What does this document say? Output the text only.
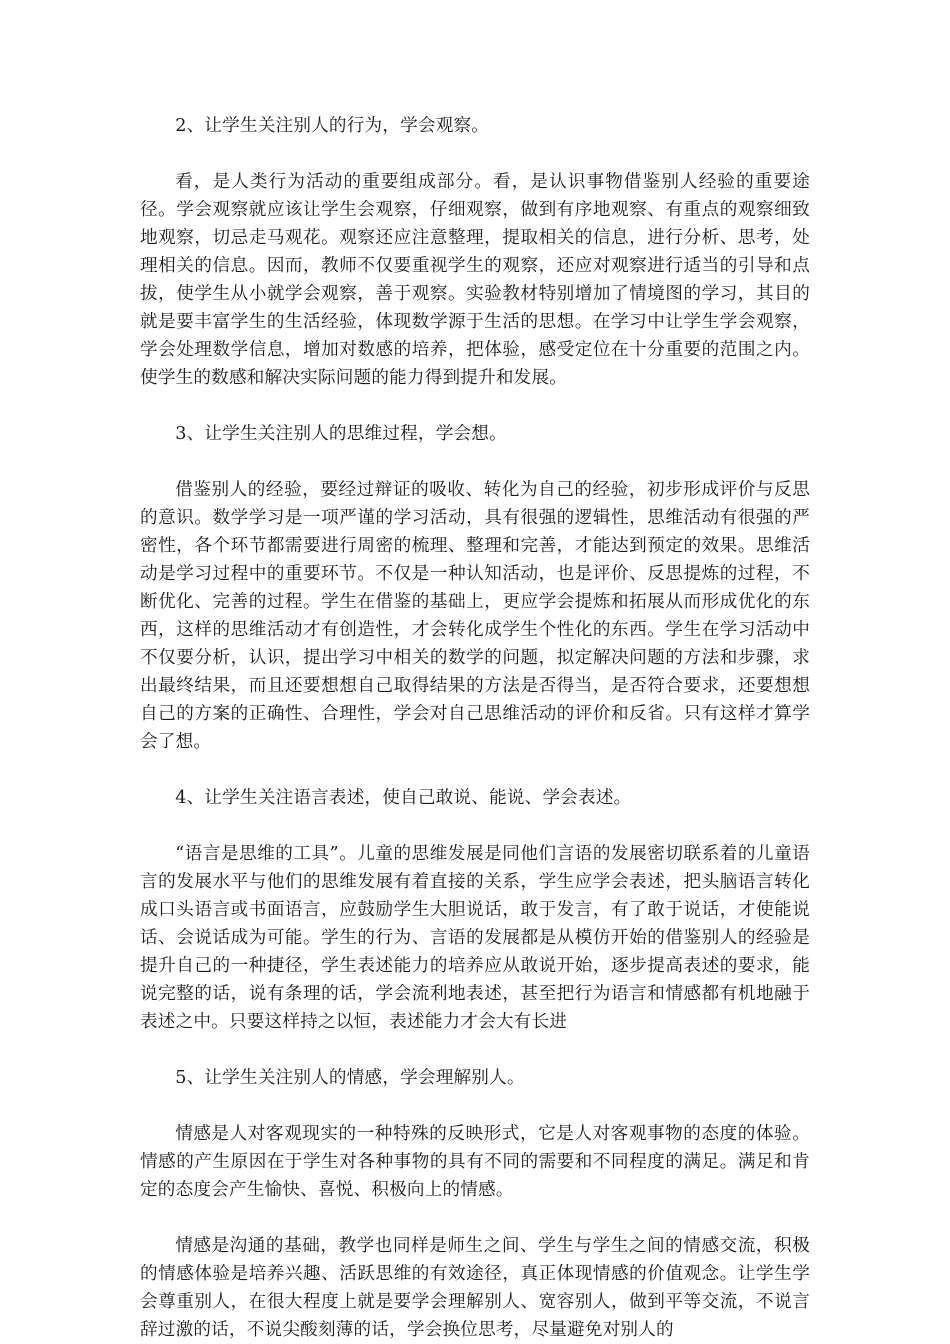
2、让学生关注别人的行为，学会观察。

看，是人类行为活动的重要组成部分。看，是认识事物借鉴别人经验的重要途径。学会观察就应该让学生会观察，仔细观察，做到有序地观察、有重点的观察细致地观察，切忌走马观花。观察还应注意整理，提取相关的信息，进行分析、思考，处理相关的信息。因而，教师不仅要重视学生的观察，还应对观察进行适当的引导和点拔，使学生从小就学会观察，善于观察。实验教材特别增加了情境图的学习，其目的就是要丰富学生的生活经验，体现数学源于生活的思想。在学习中让学生学会观察，学会处理数学信息，增加对数感的培养，把体验，感受定位在十分重要的范围之内。使学生的数感和解决实际问题的能力得到提升和发展。

3、让学生关注别人的思维过程，学会想。

借鉴别人的经验，要经过辩证的吸收、转化为自己的经验，初步形成评价与反思的意识。数学学习是一项严谨的学习活动，具有很强的逻辑性，思维活动有很强的严密性，各个环节都需要进行周密的梳理、整理和完善，才能达到预定的效果。思维活动是学习过程中的重要环节。不仅是一种认知活动，也是评价、反思提炼的过程，不断优化、完善的过程。学生在借鉴的基础上，更应学会提炼和拓展从而形成优化的东西，这样的思维活动才有创造性，才会转化成学生个性化的东西。学生在学习活动中不仅要分析，认识，提出学习中相关的数学的问题，拟定解决问题的方法和步骤，求出最终结果，而且还要想想自己取得结果的方法是否得当，是否符合要求，还要想想自己的方案的正确性、合理性，学会对自己思维活动的评价和反省。只有这样才算学会了想。

4、让学生关注语言表述，使自己敢说、能说、学会表述。

“语言是思维的工具”。儿童的思维发展是同他们言语的发展密切联系着的儿童语言的发展水平与他们的思维发展有着直接的关系，学生应学会表述，把头脑语言转化成口头语言或书面语言，应鼓励学生大胆说话，敢于发言，有了敢于说话，才使能说话、会说话成为可能。学生的行为、言语的发展都是从模仿开始的借鉴别人的经验是提升自己的一种捷径，学生表述能力的培养应从敢说开始，逐步提高表述的要求，能说完整的话，说有条理的话，学会流利地表述，甚至把行为语言和情感都有机地融于表述之中。只要这样持之以恒，表述能力才会大有长进

5、让学生关注别人的情感，学会理解别人。

情感是人对客观现实的一种特殊的反映形式，它是人对客观事物的态度的体验。情感的产生原因在于学生对各种事物的具有不同的需要和不同程度的满足。满足和肯定的态度会产生愉快、喜悦、积极向上的情感。

情感是沟通的基础，教学也同样是师生之间、学生与学生之间的情感交流，积极的情感体验是培养兴趣、活跃思维的有效途径，真正体现情感的价值观念。让学生学会尊重别人，在很大程度上就是要学会理解别人、宽容别人，做到平等交流，不说言辞过激的话，不说尖酸刻薄的话，学会换位思考，尽量避免对别人的
